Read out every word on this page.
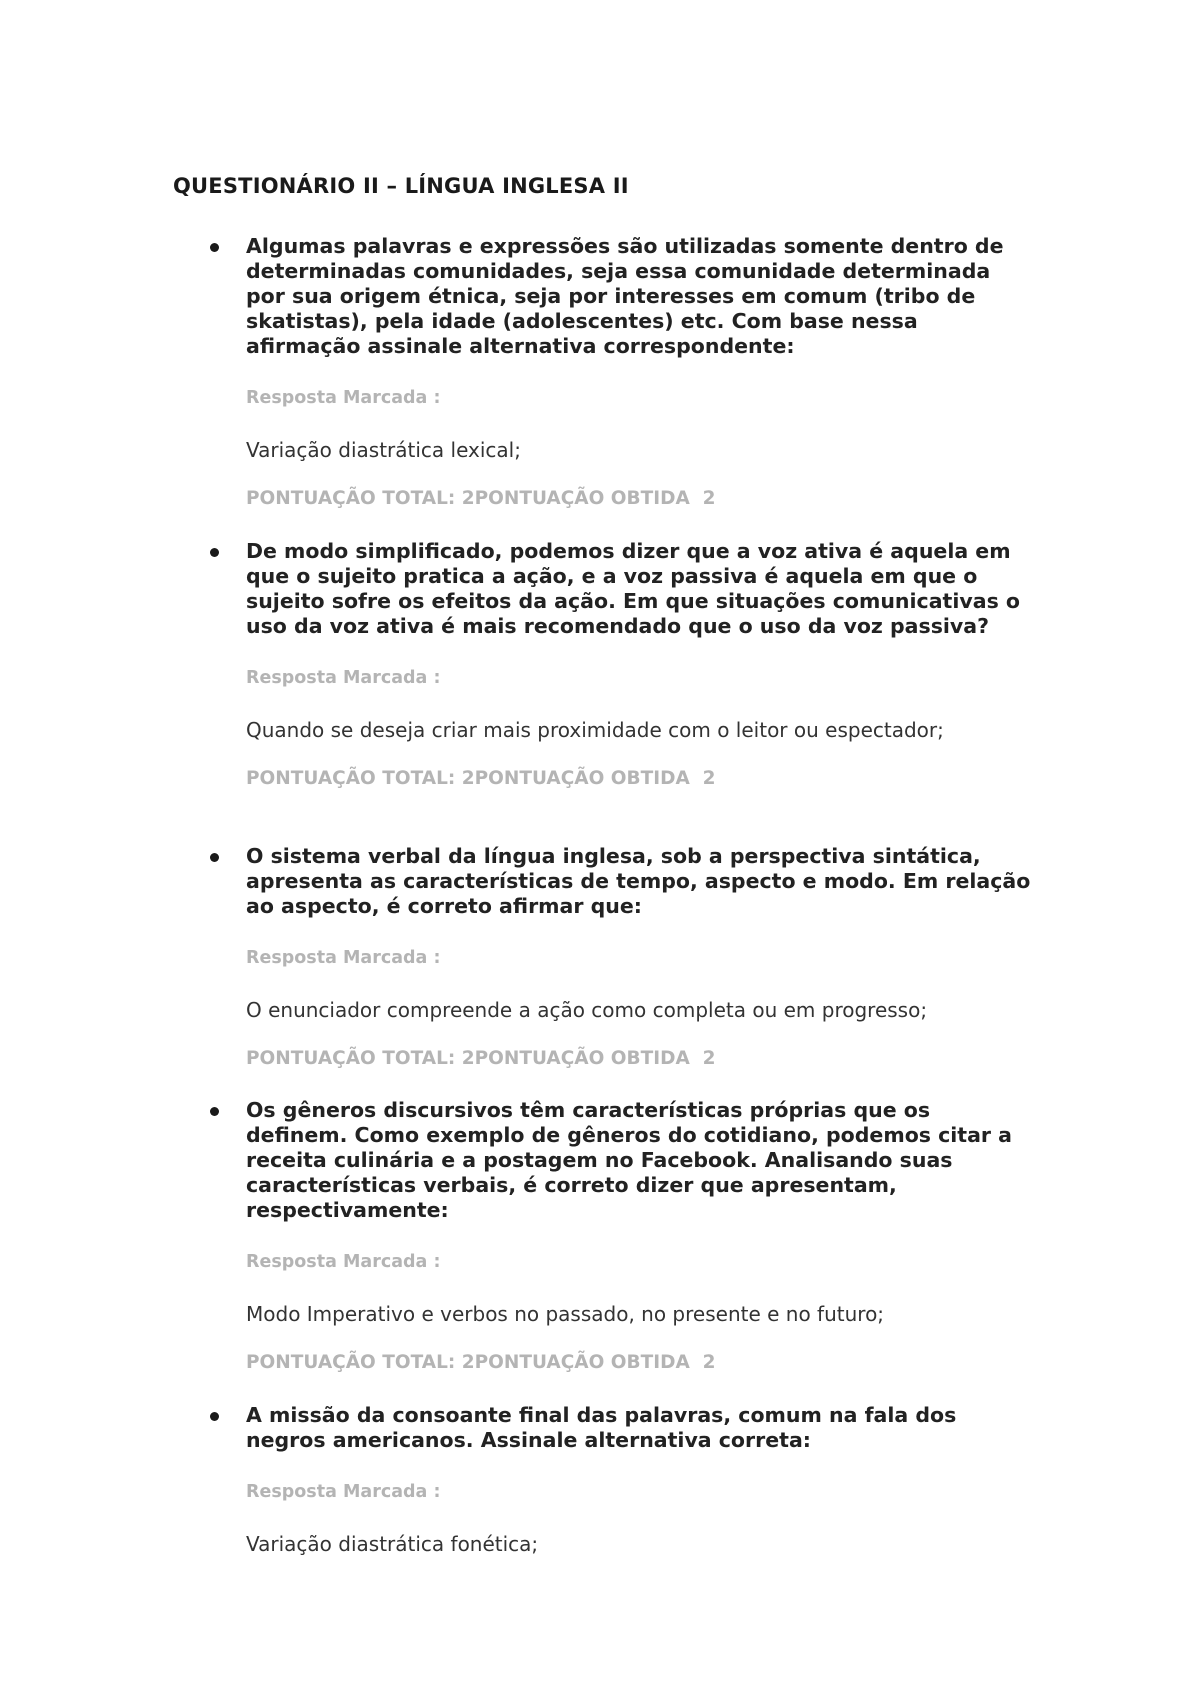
QUESTIONÁRIO II – LÍNGUA INGLESA II

Algumas palavras e expressões são utilizadas somente dentro de determinadas comunidades, seja essa comunidade determinada por sua origem étnica, seja por interesses em comum (tribo de skatistas), pela idade (adolescentes) etc. Com base nessa afirmação assinale alternativa correspondente:

Resposta Marcada :
Variação diastrática lexical;
PONTUAÇÃO TOTAL: 2PONTUAÇÃO OBTIDA  2

De modo simplificado, podemos dizer que a voz ativa é aquela em que o sujeito pratica a ação, e a voz passiva é aquela em que o sujeito sofre os efeitos da ação. Em que situações comunicativas o uso da voz ativa é mais recomendado que o uso da voz passiva?

Resposta Marcada :
Quando se deseja criar mais proximidade com o leitor ou espectador;
PONTUAÇÃO TOTAL: 2PONTUAÇÃO OBTIDA  2

O sistema verbal da língua inglesa, sob a perspectiva sintática, apresenta as características de tempo, aspecto e modo. Em relação ao aspecto, é correto afirmar que:

Resposta Marcada :
O enunciador compreende a ação como completa ou em progresso;
PONTUAÇÃO TOTAL: 2PONTUAÇÃO OBTIDA  2

Os gêneros discursivos têm características próprias que os definem. Como exemplo de gêneros do cotidiano, podemos citar a receita culinária e a postagem no Facebook. Analisando suas características verbais, é correto dizer que apresentam, respectivamente:

Resposta Marcada :
Modo Imperativo e verbos no passado, no presente e no futuro;
PONTUAÇÃO TOTAL: 2PONTUAÇÃO OBTIDA  2

A missão da consoante final das palavras, comum na fala dos negros americanos. Assinale alternativa correta:

Resposta Marcada :
Variação diastrática fonética;
